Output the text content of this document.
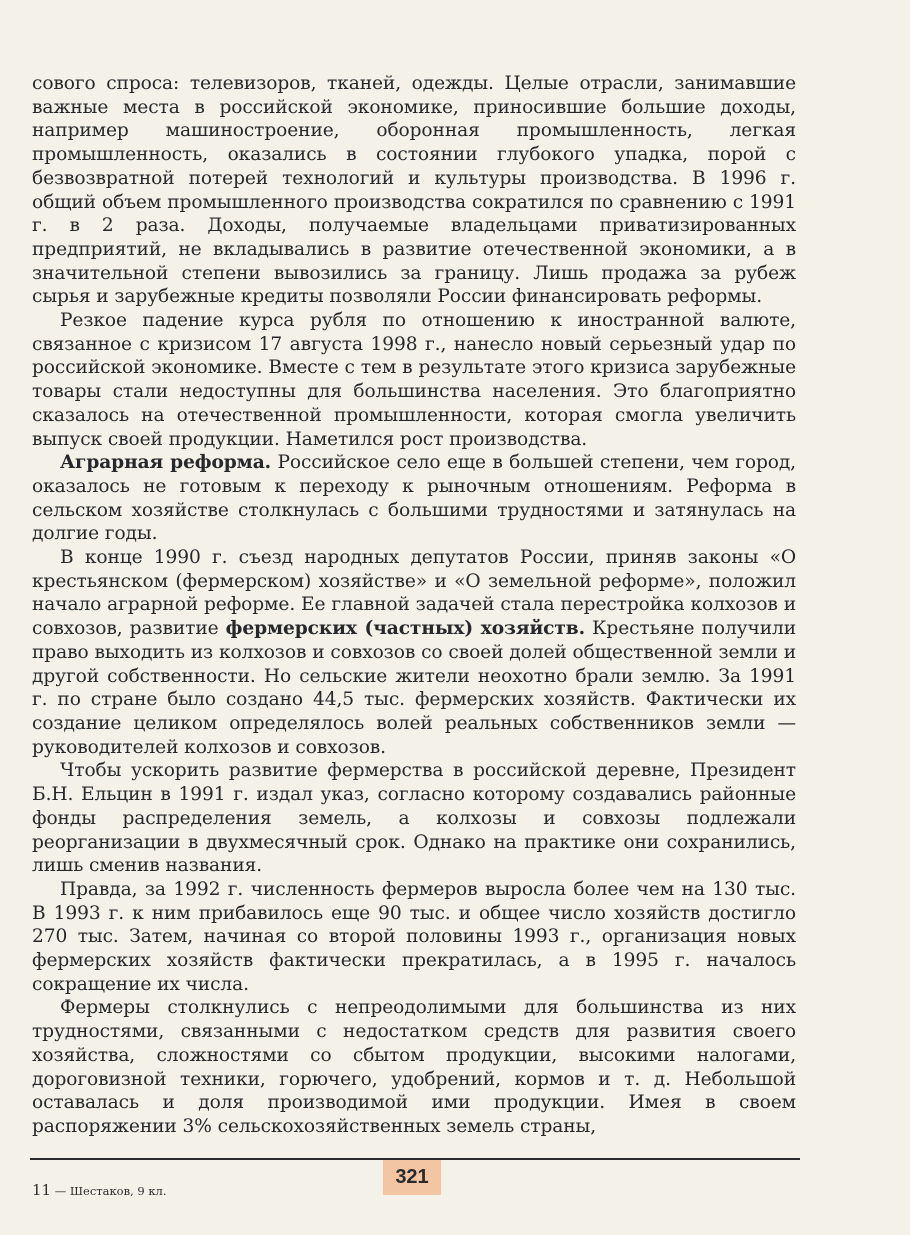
сового спроса: телевизоров, тканей, одежды. Целые отрасли, занимавшие важные места в российской экономике, приносившие большие доходы, например машиностроение, оборонная промышленность, легкая промышленность, оказались в состоянии глубокого упадка, порой с безвозвратной потерей технологий и культуры производства. В 1996 г. общий объем промышленного производства сократился по сравнению с 1991 г. в 2 раза. Доходы, получаемые владельцами приватизированных предприятий, не вкладывались в развитие отечественной экономики, а в значительной степени вывозились за границу. Лишь продажа за рубеж сырья и зарубежные кредиты позволяли России финансировать реформы.

Резкое падение курса рубля по отношению к иностранной валюте, связанное с кризисом 17 августа 1998 г., нанесло новый серьезный удар по российской экономике. Вместе с тем в результате этого кризиса зарубежные товары стали недоступны для большинства населения. Это благоприятно сказалось на отечественной промышленности, которая смогла увеличить выпуск своей продукции. Наметился рост производства.

Аграрная реформа. Российское село еще в большей степени, чем город, оказалось не готовым к переходу к рыночным отношениям. Реформа в сельском хозяйстве столкнулась с большими трудностями и затянулась на долгие годы.

В конце 1990 г. съезд народных депутатов России, приняв законы «О крестьянском (фермерском) хозяйстве» и «О земельной реформе», положил начало аграрной реформе. Ее главной задачей стала перестройка колхозов и совхозов, развитие фермерских (частных) хозяйств. Крестьяне получили право выходить из колхозов и совхозов со своей долей общественной земли и другой собственности. Но сельские жители неохотно брали землю. За 1991 г. по стране было создано 44,5 тыс. фермерских хозяйств. Фактически их создание целиком определялось волей реальных собственников земли — руководителей колхозов и совхозов.

Чтобы ускорить развитие фермерства в российской деревне, Президент Б.Н. Ельцин в 1991 г. издал указ, согласно которому создавались районные фонды распределения земель, а колхозы и совхозы подлежали реорганизации в двухмесячный срок. Однако на практике они сохранились, лишь сменив названия.

Правда, за 1992 г. численность фермеров выросла более чем на 130 тыс. В 1993 г. к ним прибавилось еще 90 тыс. и общее число хозяйств достигло 270 тыс. Затем, начиная со второй половины 1993 г., организация новых фермерских хозяйств фактически прекратилась, а в 1995 г. началось сокращение их числа.

Фермеры столкнулись с непреодолимыми для большинства из них трудностями, связанными с недостатком средств для развития своего хозяйства, сложностями со сбытом продукции, высокими налогами, дороговизной техники, горючего, удобрений, кормов и т. д. Небольшой оставалась и доля производимой ими продукции. Имея в своем распоряжении 3% сельскохозяйственных земель страны,

321
11 — Шестаков, 9 кл.
